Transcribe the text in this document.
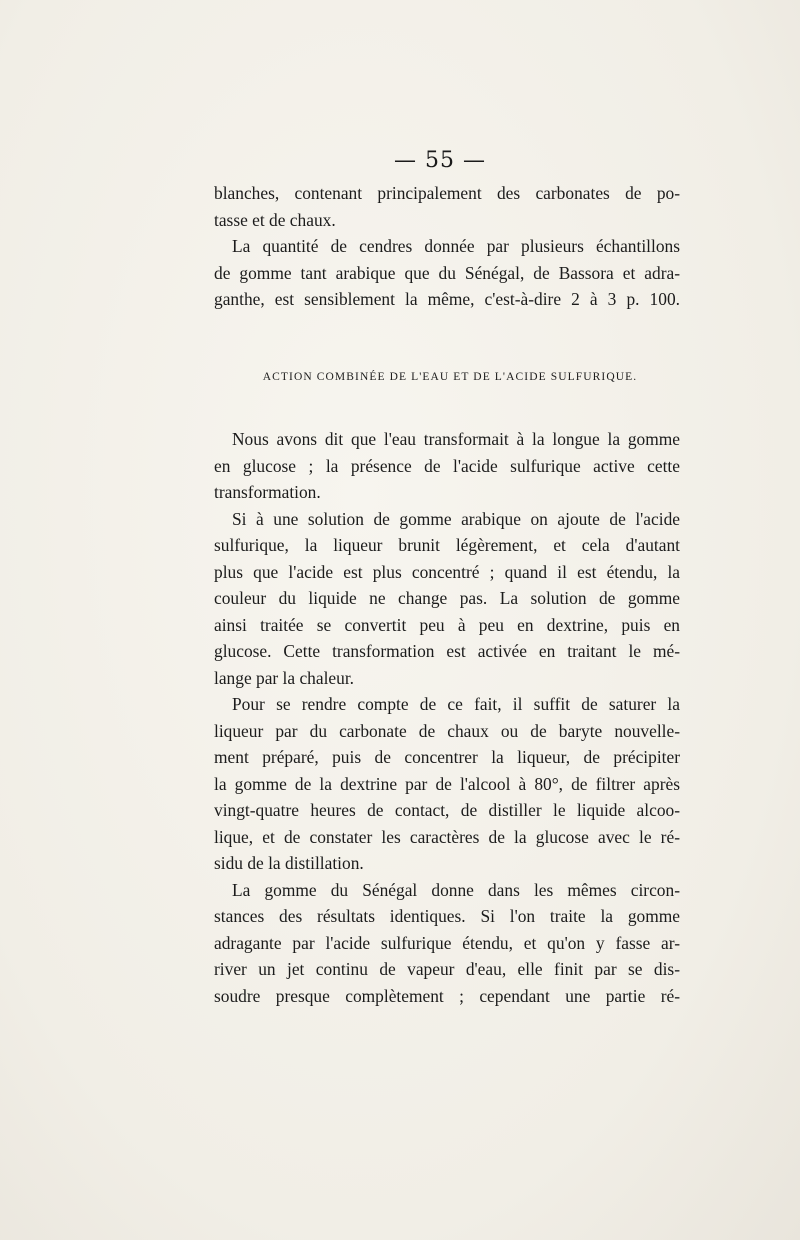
— 55 —
blanches, contenant principalement des carbonates de po-
tasse et de chaux.
La quantité de cendres donnée par plusieurs échantillons
de gomme tant arabique que du Sénégal, de Bassora et adra-
ganthe, est sensiblement la même, c'est-à-dire 2 à 3 p. 100.
ACTION COMBINÉE DE L'EAU ET DE L'ACIDE SULFURIQUE.
Nous avons dit que l'eau transformait à la longue la gomme
en glucose ; la présence de l'acide sulfurique active cette
transformation.
Si à une solution de gomme arabique on ajoute de l'acide
sulfurique, la liqueur brunit légèrement, et cela d'autant
plus que l'acide est plus concentré ; quand il est étendu, la
couleur du liquide ne change pas. La solution de gomme
ainsi traitée se convertit peu à peu en dextrine, puis en
glucose. Cette transformation est activée en traitant le mé-
lange par la chaleur.
Pour se rendre compte de ce fait, il suffit de saturer la
liqueur par du carbonate de chaux ou de baryte nouvelle-
ment préparé, puis de concentrer la liqueur, de précipiter
la gomme de la dextrine par de l'alcool à 80°, de filtrer après
vingt-quatre heures de contact, de distiller le liquide alcoo-
lique, et de constater les caractères de la glucose avec le ré-
sidu de la distillation.
La gomme du Sénégal donne dans les mêmes circon-
stances des résultats identiques. Si l'on traite la gomme
adragante par l'acide sulfurique étendu, et qu'on y fasse ar-
river un jet continu de vapeur d'eau, elle finit par se dis-
soudre presque complètement ; cependant une partie ré-
